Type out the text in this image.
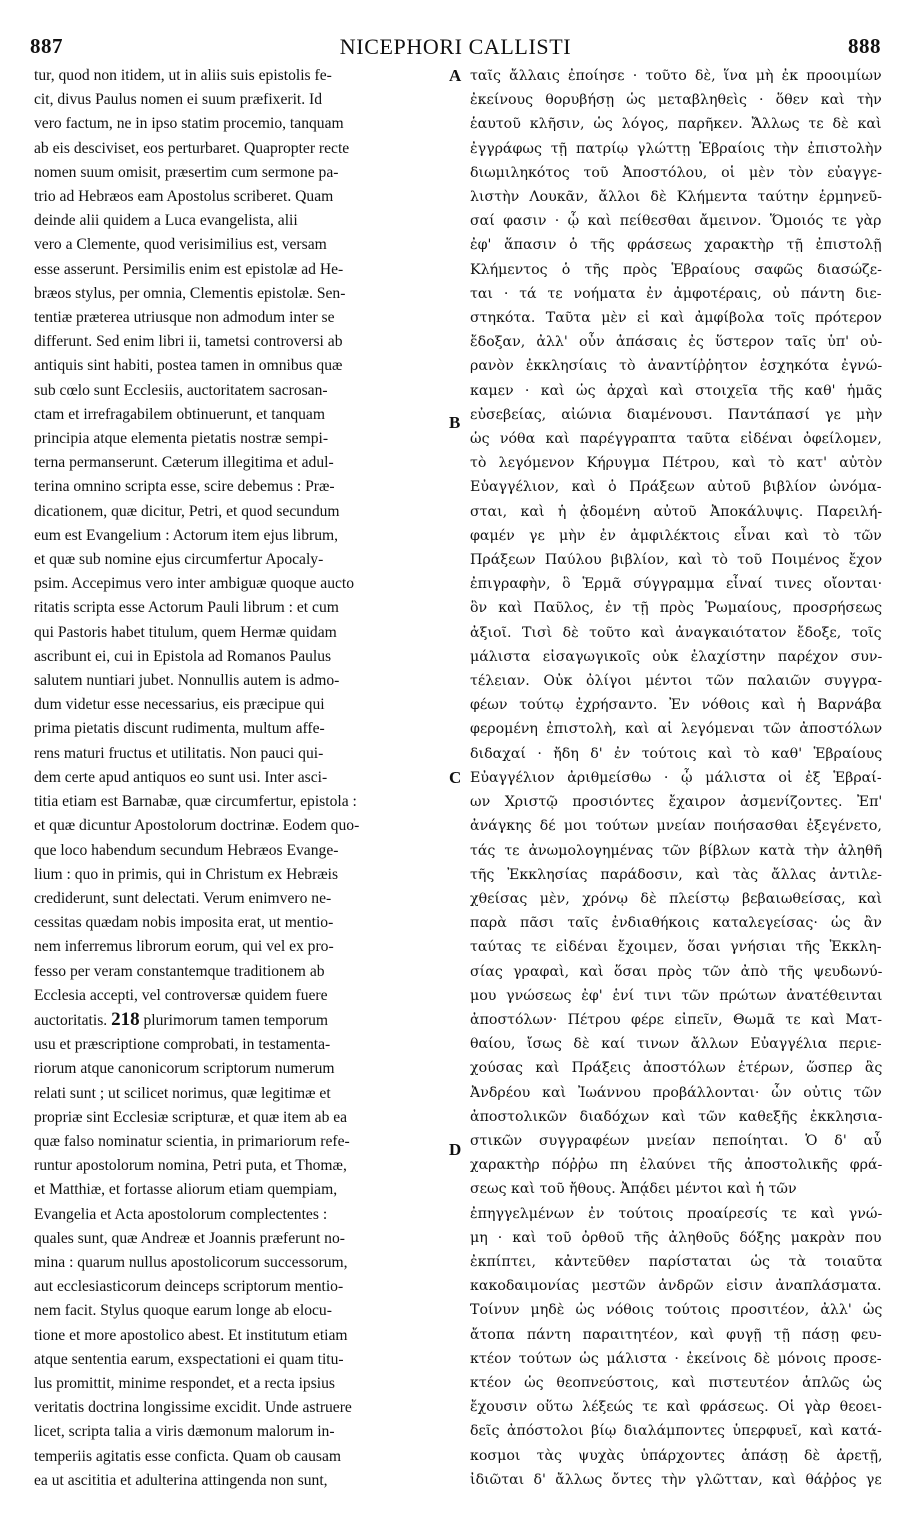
887	NICEPHORI CALLISTI	888

tur, quod non itidem, ut in aliis suis epistolis fe-

cit, divus Paulus nomen ei suum præfixerit. Id

vero factum, ne in ipso statim procemio, tanquam

ab eis desciviset, eos perturbaret. Quapropter recte

nomen suum omisit, præsertim cum sermone pa-

trio ad Hebræos eam Apostolus scriberet. Quam

deinde alii quidem a Luca evangelista, alii

vero a Clemente, quod verisimilius est, versam

esse asserunt. Persimilis enim est epistolæ ad He-

bræos stylus, per omnia, Clementis epistolæ. Sen-

tentiæ præterea utriusque non admodum inter se

differunt. Sed enim libri ii, tametsi controversi ab

antiquis sint habiti, postea tamen in omnibus quæ

sub cœlo sunt Ecclesiis, auctoritatem sacrosan-

ctam et irrefragabilem obtinuerunt, et tanquam

principia atque elementa pietatis nostræ sempi-

terna permanserunt. Cæterum illegitima et adul-

terina omnino scripta esse, scire debemus : Præ-

dicationem, quæ dicitur, Petri, et quod secundum

eum est Evangelium : Actorum item ejus librum,

et quæ sub nomine ejus circumfertur Apocaly-

psim. Accepimus vero inter ambiguæ quoque aucto

ritatis scripta esse Actorum Pauli librum : et cum

qui Pastoris habet titulum, quem Hermæ quidam

ascribunt ei, cui in Epistola ad Romanos Paulus

salutem nuntiari jubet. Nonnullis autem is admo-

dum videtur esse necessarius, eis præcipue qui

prima pietatis discunt rudimenta, multum affe-

rens maturi fructus et utilitatis. Non pauci qui-

dem certe apud antiquos eo sunt usi. Inter asci-

titia etiam est Barnabæ, quæ circumfertur, epistola :

et quæ dicuntur Apostolorum doctrinæ. Eodem quo-

que loco habendum secundum Hebræos Evange-

lium : quo in primis, qui in Christum ex Hebræis

crediderunt, sunt delectati. Verum enimvero ne-

cessitas quædam nobis imposita erat, ut mentio-

nem inferremus librorum eorum, qui vel ex pro-

fesso per veram constantemque traditionem ab

Ecclesia accepti, vel controversæ quidem fuere

auctoritatis. 218 plurimorum tamen temporum

usu et præscriptione comprobati, in testamenta-

riorum atque canonicorum scriptorum numerum

relati sunt ; ut scilicet norimus, quæ legitimæ et

propriæ sint Ecclesiæ scripturæ, et quæ item ab ea

quæ falso nominatur scientia, in primariorum refe-

runtur apostolorum nomina, Petri puta, et Thomæ,

et Matthiæ, et fortasse aliorum etiam quempiam,

Evangelia et Acta apostolorum complectentes :

quales sunt, quæ Andreæ et Joannis præferunt no-

mina : quarum nullus apostolicorum successorum,

aut ecclesiasticorum deinceps scriptorum mentio-

nem facit. Stylus quoque earum longe ab elocu-

tione et more apostolico abest. Et institutum etiam

atque sententia earum, exspectationi ei quam titu-

lus promittit, minime respondet, et a recta ipsius

veritatis doctrina longissime excidit. Unde astruere

licet, scripta talia a viris dæmonum malorum in-

temperiis agitatis esse conficta. Quam ob causam

ea ut ascititia et adulterina attingenda non sunt,

ταῖς ἄλλαις ἐποίησε · τοῦτο δὲ, ἵνα μὴ ἐκ προοιμίων

ἐκείνους θορυβήσῃ ὡς μεταβληθεὶς · ὅθεν καὶ τὴν

ἑαυτοῦ κλῆσιν, ὡς λόγος, παρῆκεν. Ἄλλως τε δὲ καὶ

ἐγγράφως τῇ πατρίῳ γλώττῃ Ἑβραίοις τὴν ἐπιστολὴν

διωμιληκότος τοῦ Ἀποστόλου, οἱ μὲν τὸν εὐαγγε-

λιστὴν Λουκᾶν, ἄλλοι δὲ Κλήμεντα ταύτην ἑρμηνεῦ-

σαί φασιν · ᾧ καὶ πείθεσθαι ἄμεινον. Ὅμοιός τε γὰρ

ἐφ' ἅπασιν ὁ τῆς φράσεως χαρακτὴρ τῇ ἐπιστολῇ

Κλήμεντος ὁ τῆς πρὸς Ἑβραίους σαφῶς διασώζε-

ται · τά τε νοήματα ἐν ἀμφοτέραις, οὐ πάντη διε-

στηκότα. Ταῦτα μὲν εἰ καὶ ἀμφίβολα τοῖς πρότερον

ἔδοξαν, ἀλλ' οὖν ἁπάσαις ἐς ὕστερον ταῖς ὑπ' οὐ-

ρανὸν ἐκκλησίαις τὸ ἀναντίῤῥητον ἐσχηκότα ἐγνώ-

καμεν · καὶ ὡς ἀρχαὶ καὶ στοιχεῖα τῆς καθ' ἡμᾶς

εὐσεβείας, αἰώνια διαμένουσι. Παντάπασί γε μὴν

ὡς νόθα καὶ παρέγγραπτα ταῦτα εἰδέναι ὀφείλομεν,

τὸ λεγόμενον Κήρυγμα Πέτρου, καὶ τὸ κατ' αὐτὸν

Εὐαγγέλιον, καὶ ὁ Πράξεων αὐτοῦ βιβλίον ὠνόμα-

σται, καὶ ἡ ᾀδομένη αὐτοῦ Ἀποκάλυψις. Παρειλή-

φαμέν γε μὴν ἐν ἀμφιλέκτοις εἶναι καὶ τὸ τῶν

Πράξεων Παύλου βιβλίον, καὶ τὸ τοῦ Ποιμένος ἔχον

ἐπιγραφὴν, ὃ Ἑρμᾶ σύγγραμμα εἶναί τινες οἴονται·

ὃν καὶ Παῦλος, ἐν τῇ πρὸς Ῥωμαίους, προσρήσεως

ἀξιοῖ. Τισὶ δὲ τοῦτο καὶ ἀναγκαιότατον ἔδοξε, τοῖς

μάλιστα εἰσαγωγικοῖς οὐκ ἐλαχίστην παρέχον συν-

τέλειαν. Οὐκ ὀλίγοι μέντοι τῶν παλαιῶν συγγρα-

φέων τούτῳ ἐχρήσαντο. Ἐν νόθοις καὶ ἡ Βαρνάβα

φερομένη ἐπιστολὴ, καὶ αἱ λεγόμεναι τῶν ἀποστόλων

διδαχαί · ἤδη δ' ἐν τούτοις καὶ τὸ καθ' Ἑβραίους

Εὐαγγέλιον ἀριθμείσθω · ᾧ μάλιστα οἱ ἐξ Ἑβραί-

ων Χριστῷ προσιόντες ἔχαιρον ἀσμενίζοντες. Ἐπ'

ἀνάγκης δέ μοι τούτων μνείαν ποιήσασθαι ἐξεγένετο,

τάς τε ἀνωμολογημένας τῶν βίβλων κατὰ τὴν ἀληθῆ

τῆς Ἐκκλησίας παράδοσιν, καὶ τὰς ἄλλας ἀντιλε-

χθείσας μὲν, χρόνῳ δὲ πλείστῳ βεβαιωθείσας, καὶ

παρὰ πᾶσι ταῖς ἐνδιαθήκοις καταλεγείσας· ὡς ἂν

ταύτας τε εἰδέναι ἔχοιμεν, ὅσαι γνήσιαι τῆς Ἐκκλη-

σίας γραφαὶ, καὶ ὅσαι πρὸς τῶν ἀπὸ τῆς ψευδωνύ-

μου γνώσεως ἐφ' ἑνί τινι τῶν πρώτων ἀνατέθεινται

ἀποστόλων· Πέτρου φέρε εἰπεῖν, Θωμᾶ τε καὶ Ματ-

θαίου, ἴσως δὲ καί τινων ἄλλων Εὐαγγέλια περιε-

χούσας καὶ Πράξεις ἀποστόλων ἑτέρων, ὥσπερ ἃς

Ἀνδρέου καὶ Ἰωάννου προβάλλονται· ὧν οὐτις τῶν

ἀποστολικῶν διαδόχων καὶ τῶν καθεξῆς ἐκκλησια-

στικῶν συγγραφέων μνείαν πεποίηται. Ὁ δ' αὖ

χαρακτὴρ πόῤῥω πη ἐλαύνει τῆς ἀποστολικῆς φρά-

σεως καὶ τοῦ ἤθους. Ἀπᾴδει μέντοι καὶ ἡ τῶν

ἐπηγγελμένων ἐν τούτοις προαίρεσίς τε καὶ γνώ-

μη · καὶ τοῦ ὀρθοῦ τῆς ἀληθοῦς δόξης μακρὰν που

ἐκπίπτει, κἀντεῦθεν παρίσταται ὡς τὰ τοιαῦτα

κακοδαιμονίας μεστῶν ἀνδρῶν εἰσιν ἀναπλάσματα.

Τοίνυν μηδὲ ὡς νόθοις τούτοις προσιτέον, ἀλλ' ὡς

ἄτοπα πάντη παραιτητέον, καὶ φυγῇ τῇ πάσῃ φευ-

κτέον τούτων ὡς μάλιστα · ἐκείνοις δὲ μόνοις προσε-

κτέον ὡς θεοπνεύστοις, καὶ πιστευτέον ἁπλῶς ὡς

ἔχουσιν οὕτω λέξεώς τε καὶ φράσεως. Οἱ γὰρ θεοει-

δεῖς ἀπόστολοι βίῳ διαλάμποντες ὑπερφυεῖ, καὶ κατά-

κοσμοι τὰς ψυχὰς ὑπάρχοντες ἁπάσῃ δὲ ἀρετῇ,

ἰδιῶται δ' ἄλλως ὄντες τὴν γλῶτταν, καὶ θάῤῥος γε

A
B
C
D
